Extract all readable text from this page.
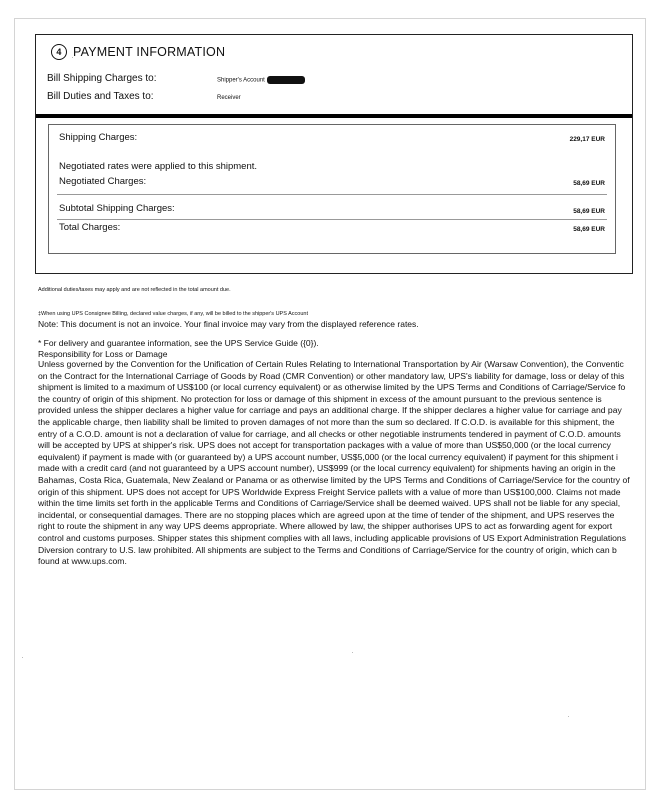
4 PAYMENT INFORMATION
Bill Shipping Charges to:	Shipper's Account
Bill Duties and Taxes to:	Receiver
Shipping Charges:	229,17 EUR
Negotiated rates were applied to this shipment.
Negotiated Charges:	58,69 EUR
Subtotal Shipping Charges:	58,69 EUR
Total Charges:	58,69 EUR
Additional duties/taxes may apply and are not reflected in the total amount due.
‡When using UPS Consignee Billing, declared value charges, if any, will be billed to the shipper's UPS Account
Note: This document is not an invoice. Your final invoice may vary from the displayed reference rates.
* For delivery and guarantee information, see the UPS Service Guide ({0}).
Responsibility for Loss or Damage
Unless governed by the Convention for the Unification of Certain Rules Relating to International Transportation by Air (Warsaw Convention), the Conventic
on the Contract for the International Carriage of Goods by Road (CMR Convention) or other mandatory law, UPS's liability for damage, loss or delay of this
shipment is limited to a maximum of US$100 (or local currency equivalent) or as otherwise limited by the UPS Terms and Conditions of Carriage/Service fo
the country of origin of this shipment. No protection for loss or damage of this shipment in excess of the amount pursuant to the previous sentence is
provided unless the shipper declares a higher value for carriage and pays an additional charge. If the shipper declares a higher value for carriage and pay
the applicable charge, then liability shall be limited to proven damages of not more than the sum so declared. If C.O.D. is available for this shipment, the
entry of a C.O.D. amount is not a declaration of value for carriage, and all checks or other negotiable instruments tendered in payment of C.O.D. amounts
will be accepted by UPS at shipper's risk. UPS does not accept for transportation packages with a value of more than US$50,000 (or the local currency
equivalent) if payment is made with (or guaranteed by) a UPS account number, US$5,000 (or the local currency equivalent) if payment for this shipment i
made with a credit card (and not guaranteed by a UPS account number), US$999 (or the local currency equivalent) for shipments having an origin in the
Bahamas, Costa Rica, Guatemala, New Zealand or Panama or as otherwise limited by the UPS Terms and Conditions of Carriage/Service for the country of
origin of this shipment. UPS does not accept for UPS Worldwide Express Freight Service pallets with a value of more than US$100,000. Claims not made
within the time limits set forth in the applicable Terms and Conditions of Carriage/Service shall be deemed waived. UPS shall not be liable for any special,
incidental, or consequential damages. There are no stopping places which are agreed upon at the time of tender of the shipment, and UPS reserves the
right to route the shipment in any way UPS deems appropriate. Where allowed by law, the shipper authorises UPS to act as forwarding agent for export
control and customs purposes. Shipper states this shipment complies with all laws, including applicable provisions of US Export Administration Regulations
Diversion contrary to U.S. law prohibited. All shipments are subject to the Terms and Conditions of Carriage/Service for the country of origin, which can b
found at www.ups.com.
